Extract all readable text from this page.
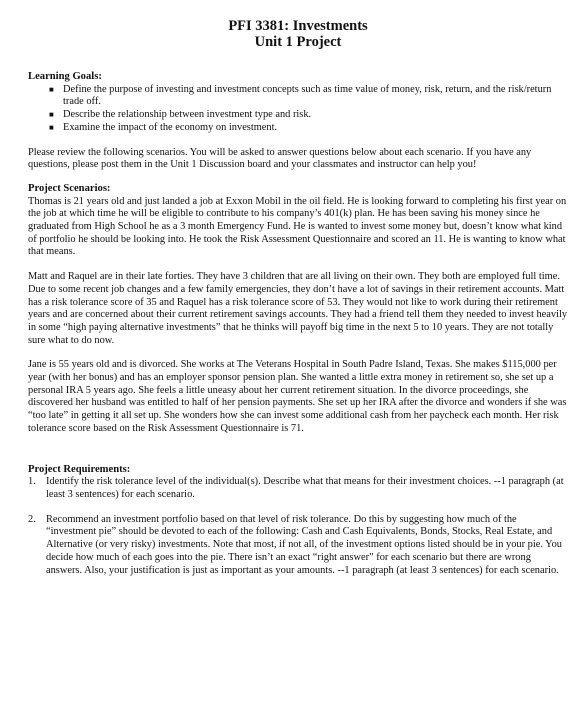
PFI 3381: Investments
Unit 1 Project

Learning Goals:

■ Define the purpose of investing and investment concepts such as time value of money, risk, return, and the risk/return trade off.
■ Describe the relationship between investment type and risk.
■ Examine the impact of the economy on investment.

Please review the following scenarios. You will be asked to answer questions below about each scenario. If you have any questions, please post them in the Unit 1 Discussion board and your classmates and instructor can help you!

Project Scenarios:

Thomas is 21 years old and just landed a job at Exxon Mobil in the oil field. He is looking forward to completing his first year on the job at which time he will be eligible to contribute to his company’s 401(k) plan. He has been saving his money since he graduated from High School he as a 3 month Emergency Fund. He is wanted to invest some money but, doesn’t know what kind of portfolio he should be looking into. He took the Risk Assessment Questionnaire and scored an 11. He is wanting to know what that means.

Matt and Raquel are in their late forties. They have 3 children that are all living on their own. They both are employed full time. Due to some recent job changes and a few family emergencies, they don’t have a lot of savings in their retirement accounts. Matt has a risk tolerance score of 35 and Raquel has a risk tolerance score of 53. They would not like to work during their retirement years and are concerned about their current retirement savings accounts. They had a friend tell them they needed to invest heavily in some “high paying alternative investments” that he thinks will payoff big time in the next 5 to 10 years. They are not totally sure what to do now.

Jane is 55 years old and is divorced. She works at The Veterans Hospital in South Padre Island, Texas. She makes $115,000 per year (with her bonus) and has an employer sponsor pension plan. She wanted a little extra money in retirement so, she set up a personal IRA 5 years ago. She feels a little uneasy about her current retirement situation. In the divorce proceedings, she discovered her husband was entitled to half of her pension payments. She set up her IRA after the divorce and wonders if she was “too late” in getting it all set up. She wonders how she can invest some additional cash from her paycheck each month. Her risk tolerance score based on the Risk Assessment Questionnaire is 71.

Project Requirements:

1. Identify the risk tolerance level of the individual(s). Describe what that means for their investment choices. --1 paragraph (at least 3 sentences) for each scenario.
2. Recommend an investment portfolio based on that level of risk tolerance. Do this by suggesting how much of the “investment pie” should be devoted to each of the following: Cash and Cash Equivalents, Bonds, Stocks, Real Estate, and Alternative (or very risky) investments. Note that most, if not all, of the investment options listed should be in your pie. You decide how much of each goes into the pie. There isn’t an exact “right answer” for each scenario but there are wrong answers. Also, your justification is just as important as your amounts. --1 paragraph (at least 3 sentences) for each scenario.
